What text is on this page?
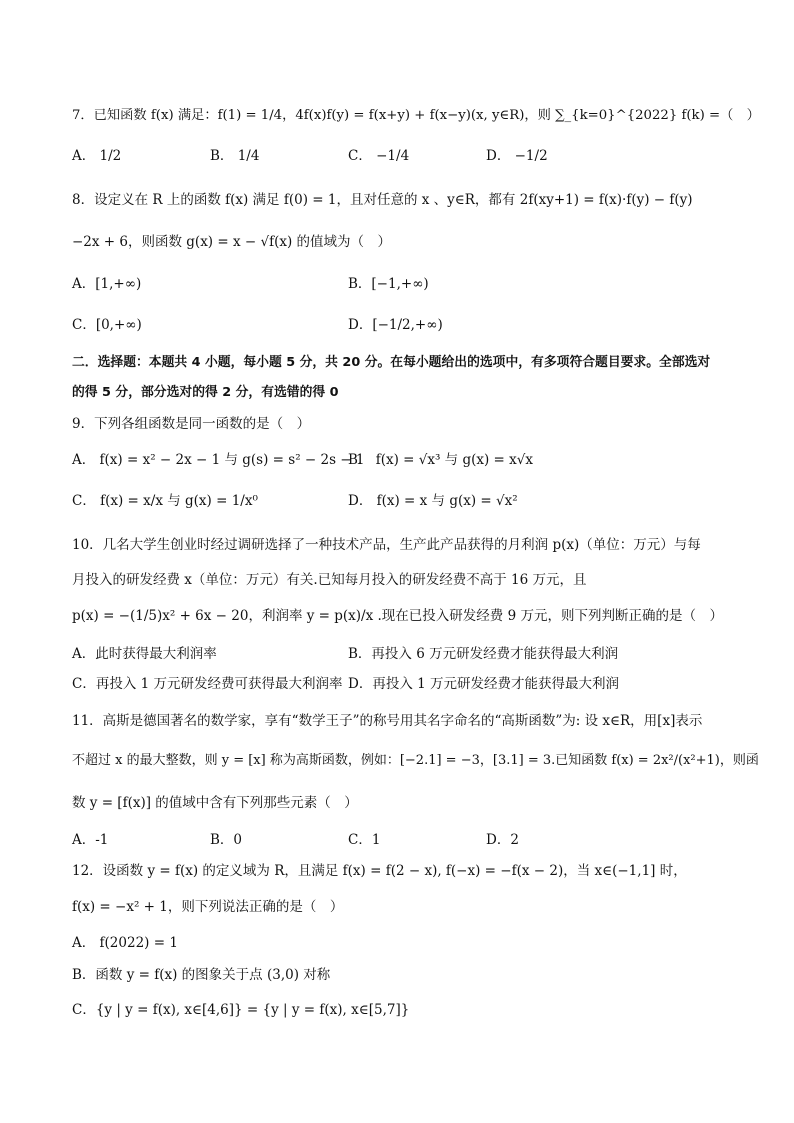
7．已知函数 f(x) 满足：f(1) = 1/4，4f(x)f(y) = f(x+y) + f(x−y)(x, y∈R)，则 ∑_{k=0}^{2022} f(k) =（　）
A． 1/2	B． 1/4	C． −1/4	D． −1/2
8．设定义在 R 上的函数 f(x) 满足 f(0) = 1，且对任意的 x 、y∈R，都有 2f(xy+1) = f(x)·f(y) − f(y)
−2x + 6，则函数 g(x) = x − √f(x) 的值域为（　）
A．[1,+∞)	B．[−1,+∞)
C．[0,+∞)	D．[−1/2,+∞)
二．选择题：本题共 4 小题，每小题 5 分，共 20 分。在每小题给出的选项中，有多项符合题目要求。全部选对
的得 5 分，部分选对的得 2 分，有选错的得 0
9．下列各组函数是同一函数的是（　）
A． f(x) = x² − 2x − 1 与 g(s) = s² − 2s − 1
B． f(x) = √x³ 与 g(x) = x√x
C． f(x) = x/x 与 g(x) = 1/x⁰	D． f(x) = x 与 g(x) = √x²
10．几名大学生创业时经过调研选择了一种技术产品，生产此产品获得的月利润 p(x)（单位：万元）与每
月投入的研发经费 x（单位：万元）有关.已知每月投入的研发经费不高于 16 万元，且
p(x) = −(1/5)x² + 6x − 20，利润率 y = p(x)/x .现在已投入研发经费 9 万元，则下列判断正确的是（　）
A．此时获得最大利润率	B．再投入 6 万元研发经费才能获得最大利润
C．再投入 1 万元研发经费可获得最大利润率 D．再投入 1 万元研发经费才能获得最大利润
11．高斯是德国著名的数学家，享有“数学王子”的称号用其名字命名的“高斯函数”为: 设 x∈R，用[x]表示
不超过 x 的最大整数，则 y = [x] 称为高斯函数，例如：[−2.1] = −3，[3.1] = 3.已知函数 f(x) = 2x²/(x²+1)，则函
数 y = [f(x)] 的值域中含有下列那些元素（　）
A．-1	B．0	C．1	D．2
12．设函数 y = f(x) 的定义域为 R，且满足 f(x) = f(2 − x), f(−x) = −f(x − 2)，当 x∈(−1,1] 时，
f(x) = −x² + 1，则下列说法正确的是（　）
A． f(2022) = 1
B．函数 y = f(x) 的图象关于点 (3,0) 对称
C．{y | y = f(x), x∈[4,6]} = {y | y = f(x), x∈[5,7]}
